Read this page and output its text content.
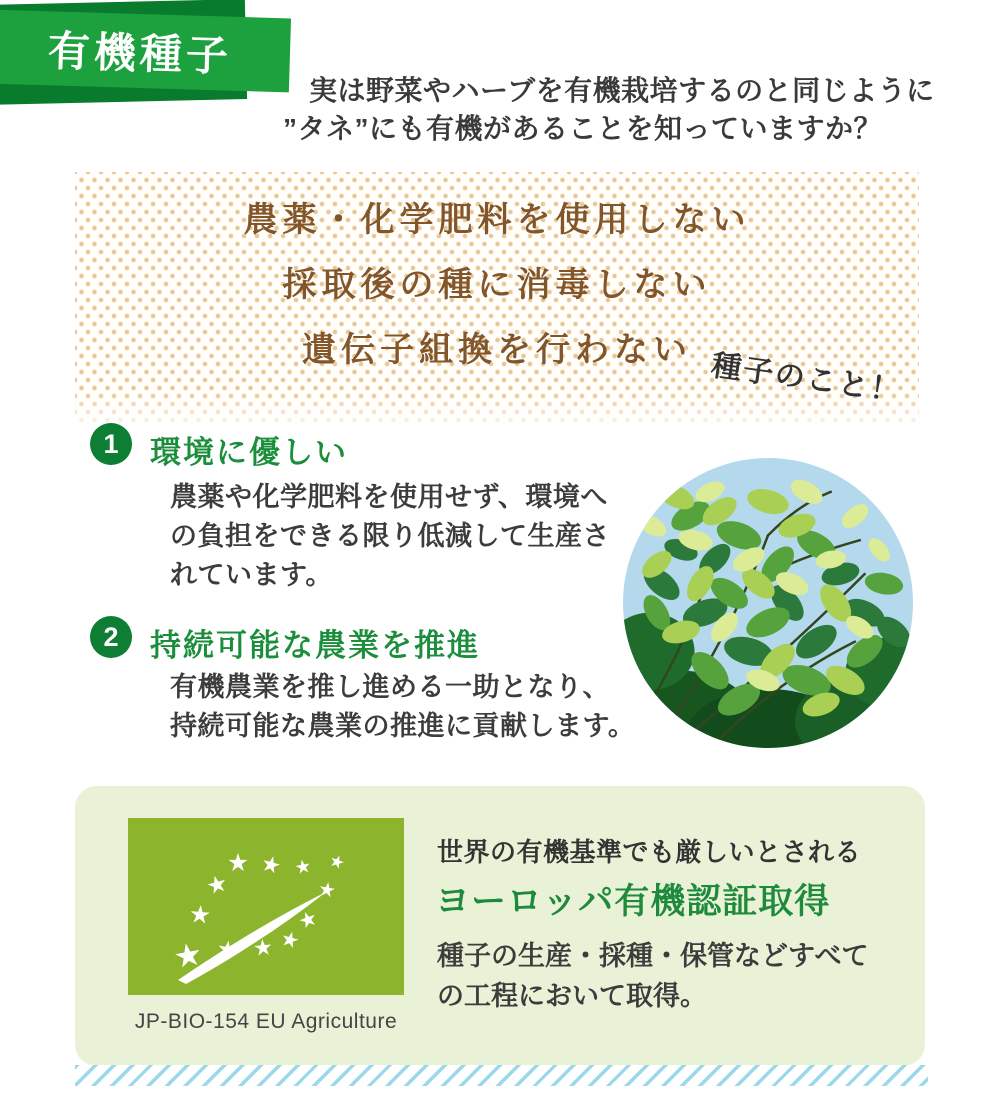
有機種子
実は野菜やハーブを有機栽培するのと同じように
”タネ”にも有機があることを知っていますか？
農薬・化学肥料を使用しない
採取後の種に消毒しない
遺伝子組換を行わない 種子のこと！
1	環境に優しい
農薬や化学肥料を使用せず、環境へ
の負担をできる限り低減して生産さ
れています。
2	持続可能な農業を推進
有機農業を推し進める一助となり、
持続可能な農業の推進に貢献します。
JP-BIO-154 EU Agriculture
世界の有機基準でも厳しいとされる
ヨーロッパ有機認証取得
種子の生産・採種・保管などすべて
の工程において取得。
